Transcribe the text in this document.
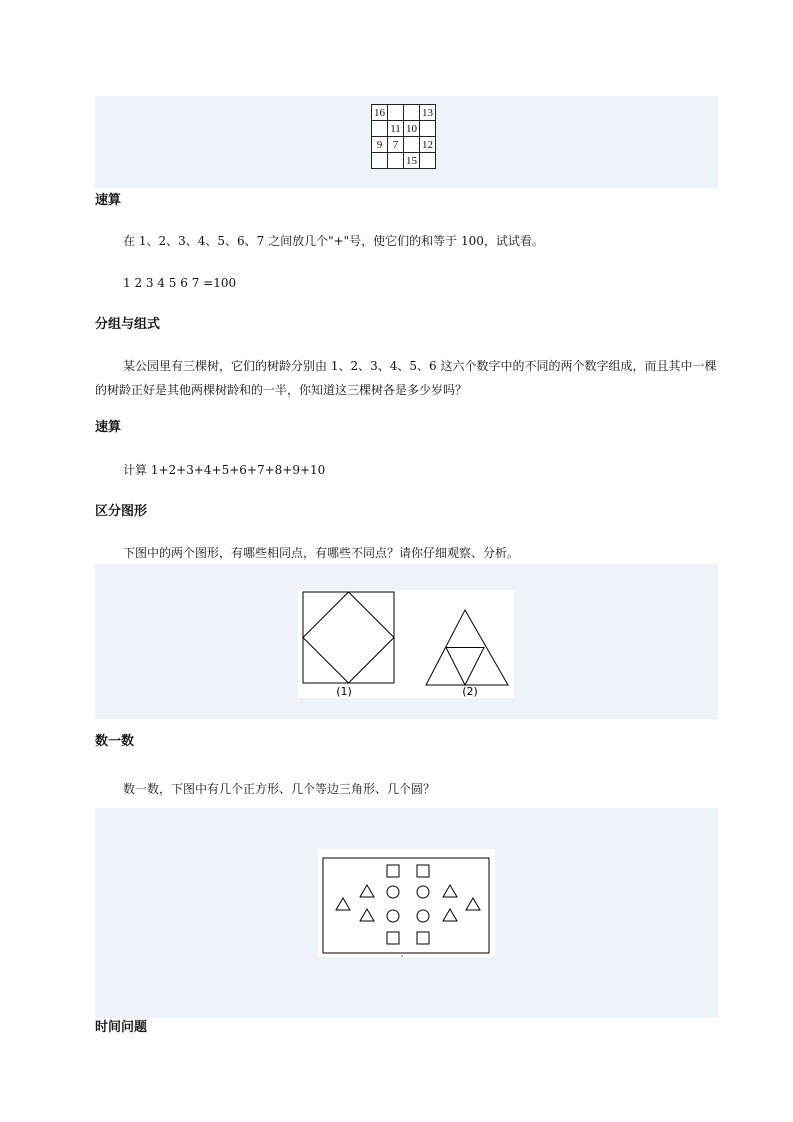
16			13
	11	10	
9	7		12
		15	
速算

在 1、2、3、4、5、6、7 之间放几个"+"号，使它们的和等于 100，试试看。

1 2 3 4 5 6 7 =100

分组与组式

某公园里有三棵树，它们的树龄分别由 1、2、3、4、5、6 这六个数字中的不同的两个数字组成，而且其中一棵的树龄正好是其他两棵树龄和的一半，你知道这三棵树各是多少岁吗？

速算

计算 1+2+3+4+5+6+7+8+9+10

区分图形

下图中的两个图形，有哪些相同点，有哪些不同点？请你仔细观察、分析。

(1)	(2)
数一数

数一数，下图中有几个正方形、几个等边三角形、几个圆？

时间问题
